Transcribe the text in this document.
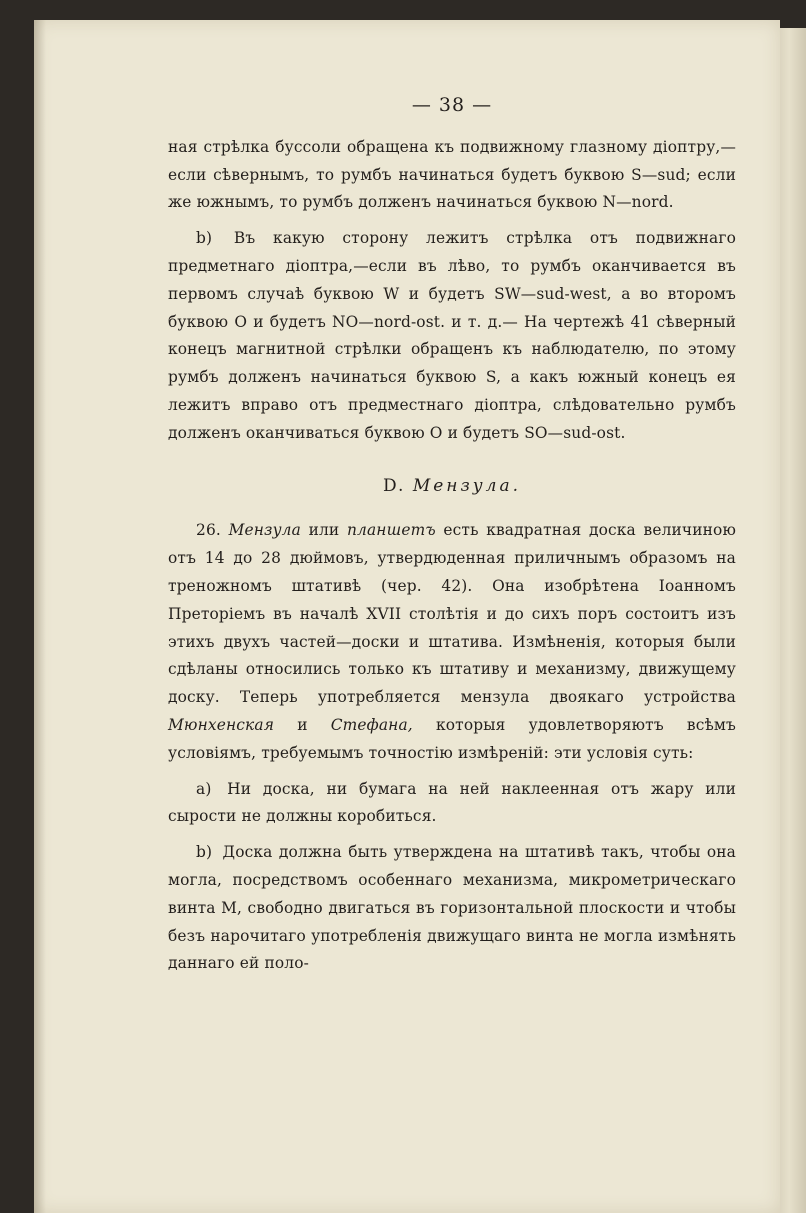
— 38 —

ная стрѣлка буссоли обращена къ подвижному глазному діоптру,—если сѣвернымъ, то румбъ начинаться будетъ буквою S—sud; если же южнымъ, то румбъ долженъ начинаться буквою N—nord.

b) Въ какую сторону лежитъ стрѣлка отъ подвижнаго предметнаго діоптра,—если въ лѣво, то румбъ оканчивается въ первомъ случаѣ буквою W и будетъ SW—sud-west, а во второмъ буквою O и будетъ NO—nord-ost. и т. д.— На чертежѣ 41 сѣверный конецъ магнитной стрѣлки обращенъ къ наблюдателю, по этому румбъ долженъ начинаться буквою S, а какъ южный конецъ ея лежитъ вправо отъ предместнаго діоптра, слѣдовательно румбъ долженъ оканчиваться буквою O и будетъ SO—sud-ost.

D. Мензула.

26. Мензула или планшетъ есть квадратная доска величиною отъ 14 до 28 дюймовъ, утвердюденная приличнымъ образомъ на треножномъ штативѣ (чер. 42). Она изобрѣтена Іоанномъ Преторіемъ въ началѣ XVII столѣтія и до сихъ поръ состоитъ изъ этихъ двухъ частей—доски и штатива. Измѣненія, которыя были сдѣланы относились только къ штативу и механизму, движущему доску. Теперь употребляется мензула двоякаго устройства Мюнхенская и Стефана, которыя удовлетворяютъ всѣмъ условіямъ, требуемымъ точностію измѣреній: эти условія суть:

a) Ни доска, ни бумага на ней наклеенная отъ жару или сырости не должны коробиться.

b) Доска должна быть утверждена на штативѣ такъ, чтобы она могла, посредствомъ особеннаго механизма, микрометрическаго винта M, свободно двигаться въ горизонтальной плоскости и чтобы безъ нарочитаго употребленія движущаго винта не могла измѣнять даннаго ей поло-
